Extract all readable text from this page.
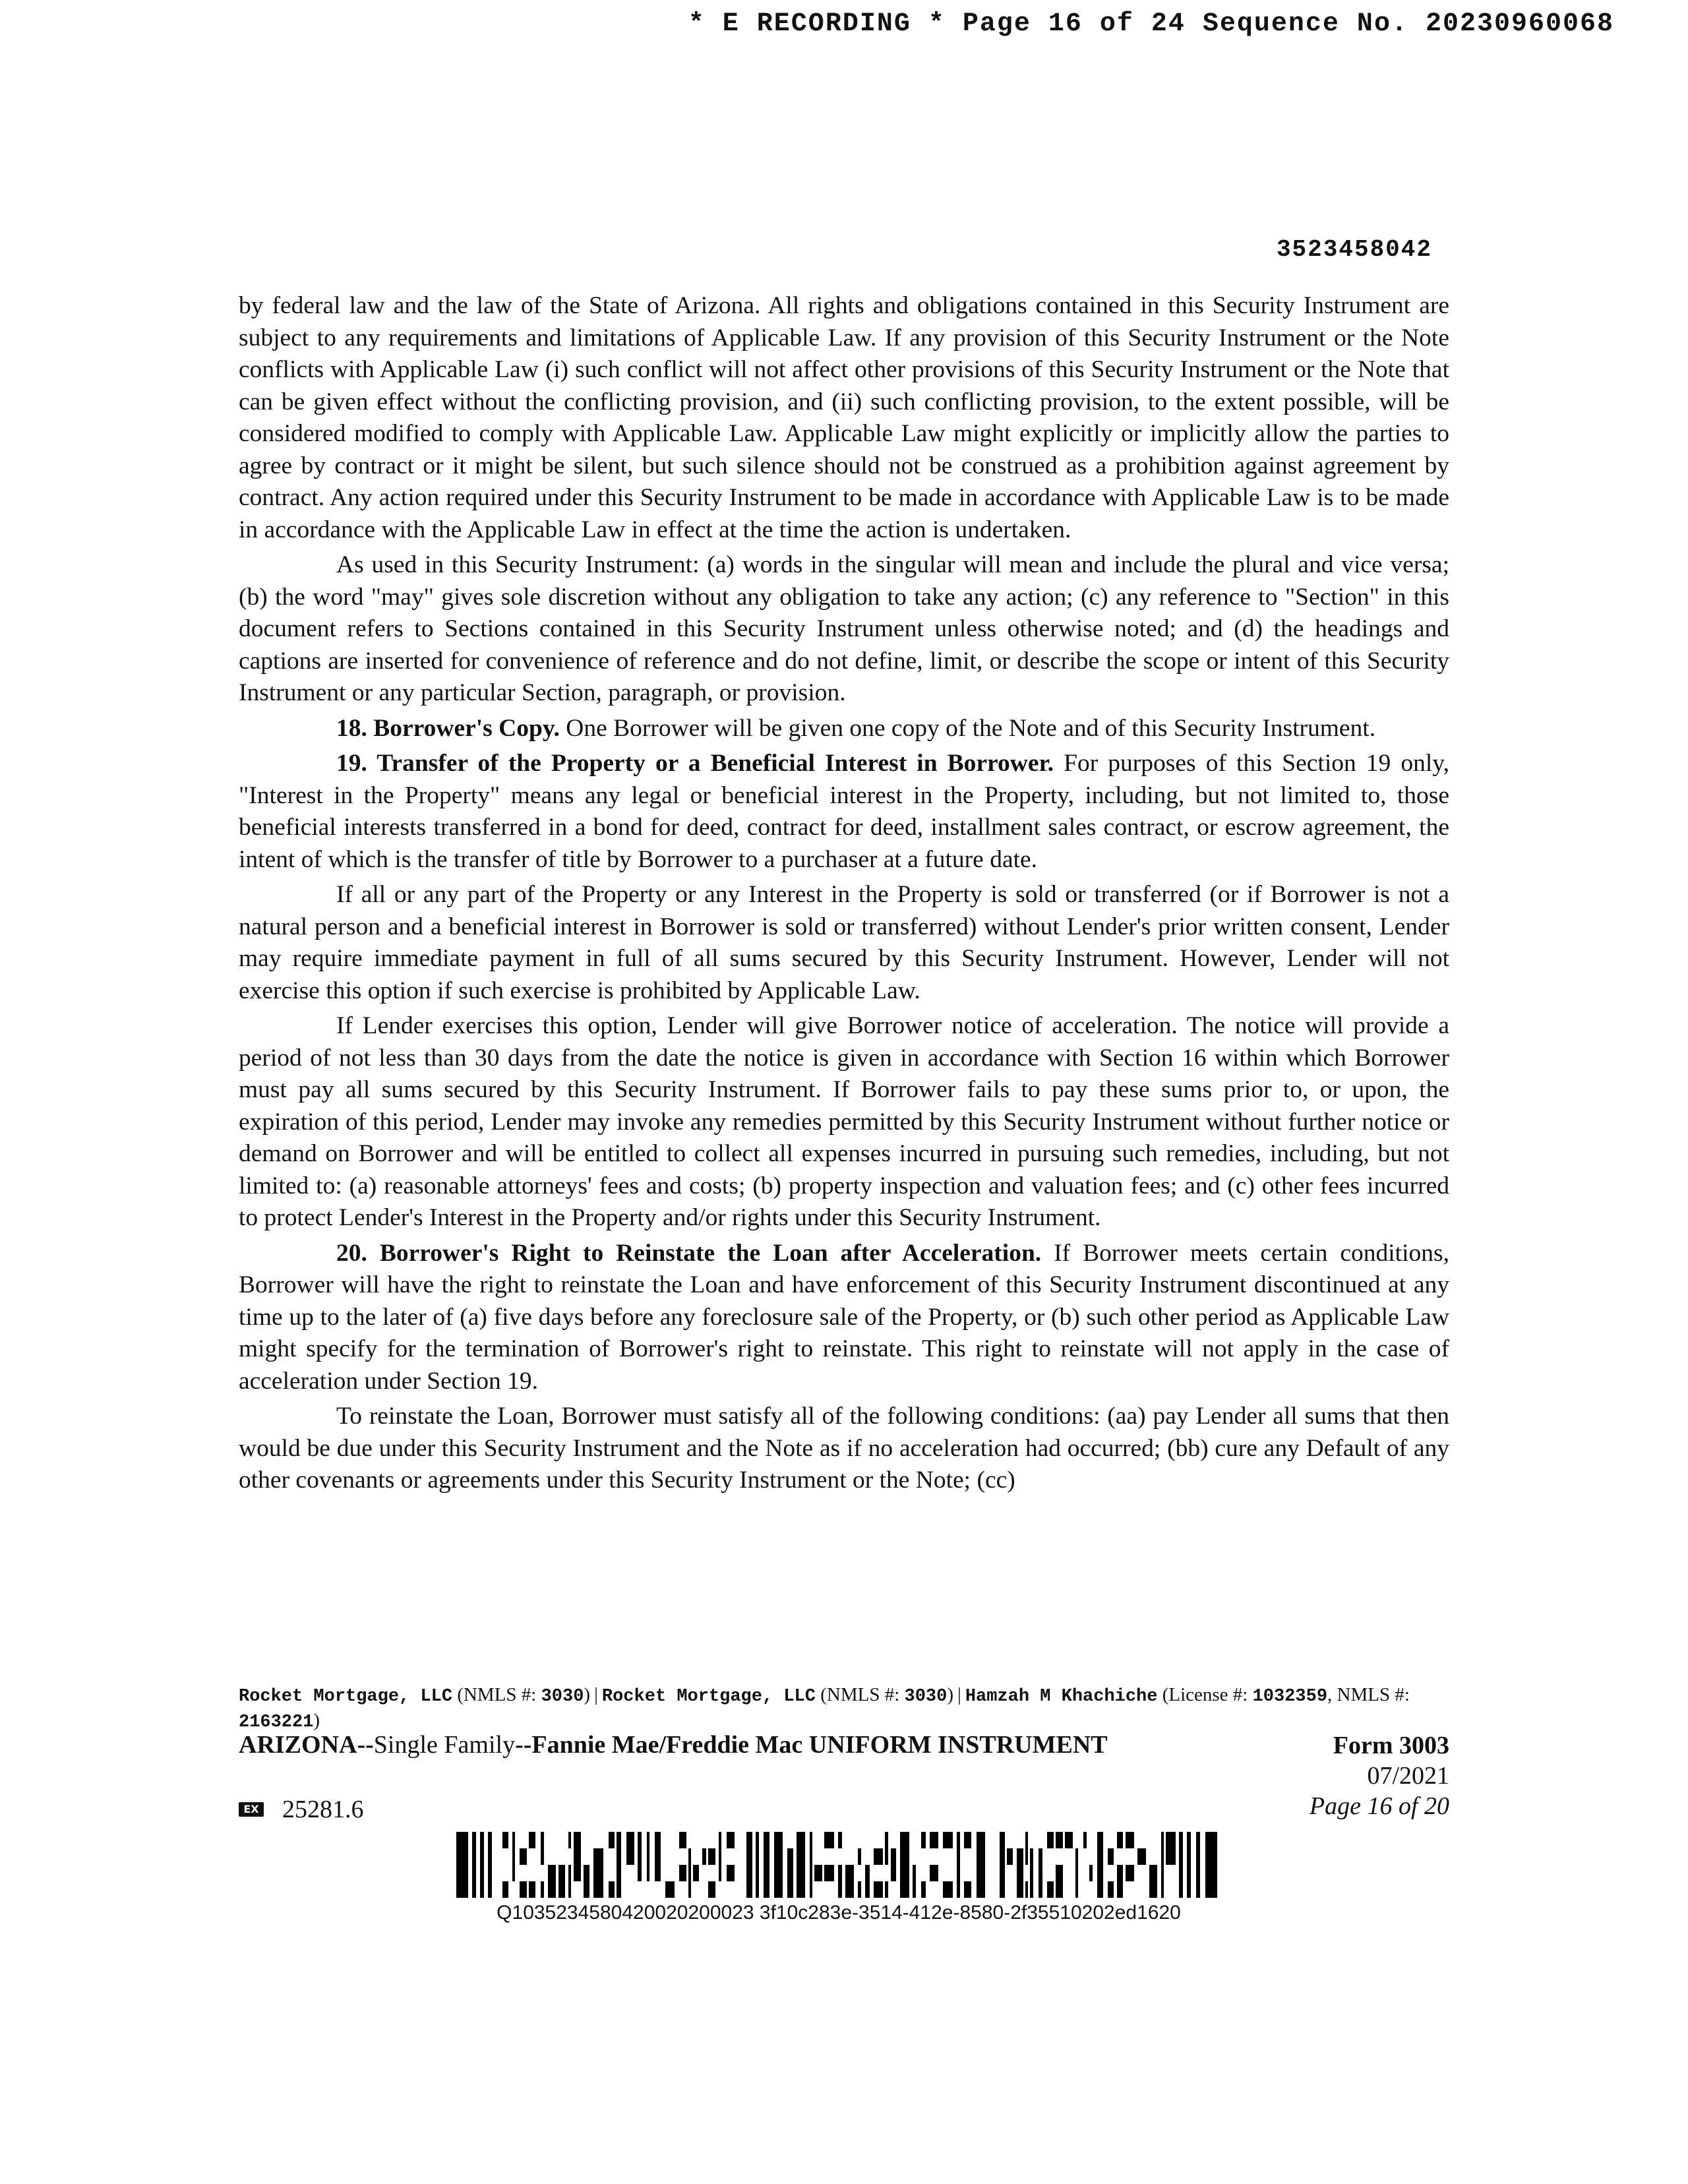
* E RECORDING * Page 16 of 24 Sequence No. 20230960068
3523458042

by federal law and the law of the State of Arizona. All rights and obligations contained in this Security Instrument are subject to any requirements and limitations of Applicable Law. If any provision of this Security Instrument or the Note conflicts with Applicable Law (i) such conflict will not affect other provisions of this Security Instrument or the Note that can be given effect without the conflicting provision, and (ii) such conflicting provision, to the extent possible, will be considered modified to comply with Applicable Law. Applicable Law might explicitly or implicitly allow the parties to agree by contract or it might be silent, but such silence should not be construed as a prohibition against agreement by contract. Any action required under this Security Instrument to be made in accordance with Applicable Law is to be made in accordance with the Applicable Law in effect at the time the action is undertaken.

As used in this Security Instrument: (a) words in the singular will mean and include the plural and vice versa; (b) the word "may" gives sole discretion without any obligation to take any action; (c) any reference to "Section" in this document refers to Sections contained in this Security Instrument unless otherwise noted; and (d) the headings and captions are inserted for convenience of reference and do not define, limit, or describe the scope or intent of this Security Instrument or any particular Section, paragraph, or provision.

18. Borrower's Copy. One Borrower will be given one copy of the Note and of this Security Instrument.

19. Transfer of the Property or a Beneficial Interest in Borrower. For purposes of this Section 19 only, "Interest in the Property" means any legal or beneficial interest in the Property, including, but not limited to, those beneficial interests transferred in a bond for deed, contract for deed, installment sales contract, or escrow agreement, the intent of which is the transfer of title by Borrower to a purchaser at a future date.

If all or any part of the Property or any Interest in the Property is sold or transferred (or if Borrower is not a natural person and a beneficial interest in Borrower is sold or transferred) without Lender's prior written consent, Lender may require immediate payment in full of all sums secured by this Security Instrument. However, Lender will not exercise this option if such exercise is prohibited by Applicable Law.

If Lender exercises this option, Lender will give Borrower notice of acceleration. The notice will provide a period of not less than 30 days from the date the notice is given in accordance with Section 16 within which Borrower must pay all sums secured by this Security Instrument. If Borrower fails to pay these sums prior to, or upon, the expiration of this period, Lender may invoke any remedies permitted by this Security Instrument without further notice or demand on Borrower and will be entitled to collect all expenses incurred in pursuing such remedies, including, but not limited to: (a) reasonable attorneys' fees and costs; (b) property inspection and valuation fees; and (c) other fees incurred to protect Lender's Interest in the Property and/or rights under this Security Instrument.

20. Borrower's Right to Reinstate the Loan after Acceleration. If Borrower meets certain conditions, Borrower will have the right to reinstate the Loan and have enforcement of this Security Instrument discontinued at any time up to the later of (a) five days before any foreclosure sale of the Property, or (b) such other period as Applicable Law might specify for the termination of Borrower's right to reinstate. This right to reinstate will not apply in the case of acceleration under Section 19.

To reinstate the Loan, Borrower must satisfy all of the following conditions: (aa) pay Lender all sums that then would be due under this Security Instrument and the Note as if no acceleration had occurred; (bb) cure any Default of any other covenants or agreements under this Security Instrument or the Note; (cc)

Rocket Mortgage, LLC (NMLS #: 3030) | Rocket Mortgage, LLC (NMLS #: 3030) | Hamzah M Khachiche (License #: 1032359, NMLS #: 2163221)
ARIZONA--Single Family--Fannie Mae/Freddie Mac UNIFORM INSTRUMENT	Form 3003
07/2021
Page 16 of 20
EX 25281.6
Q1035234580420020200023 3f10c283e-3514-412e-8580-2f35510202ed1620
